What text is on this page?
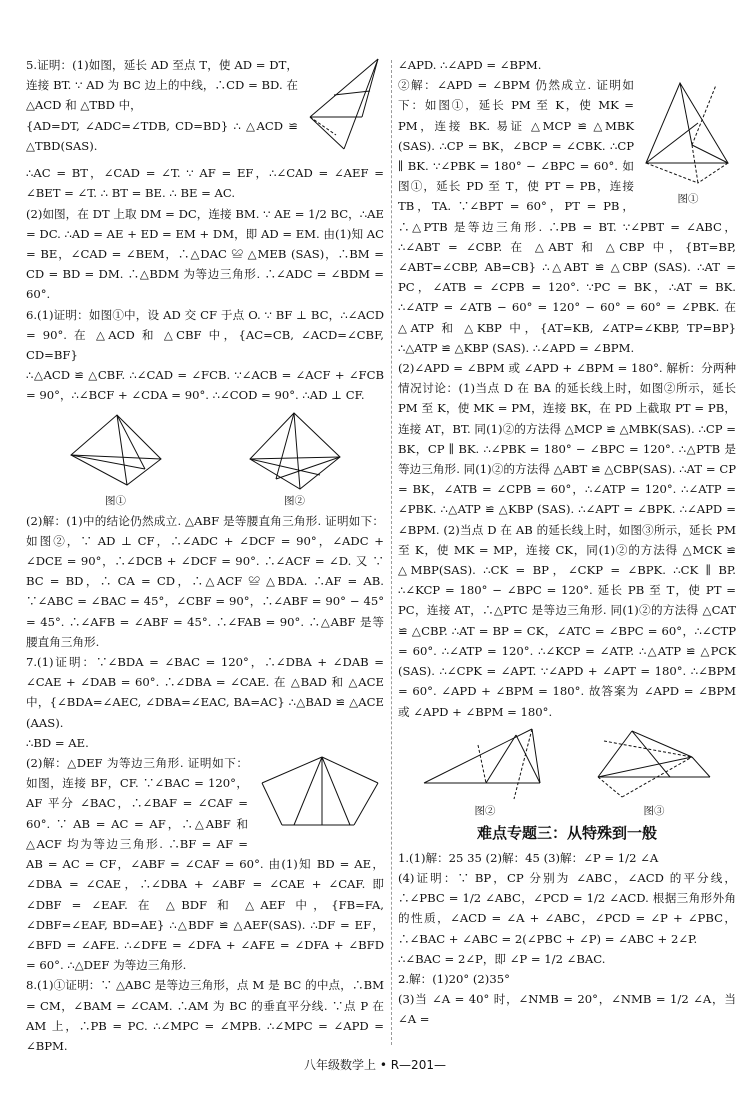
5.证明：(1)如图，延长 AD 至点 T，使 AD = DT，连接 BT. ∵ AD 为 BC 边上的中线，∴CD = BD. 在 △ACD 和 △TBD 中，

{AD=DT, ∠ADC=∠TDB, CD=BD} ∴ △ACD ≌ △TBD(SAS).

∴AC = BT，∠CAD = ∠T. ∵ AF = EF，∴∠CAD = ∠AEF = ∠BET = ∠T. ∴ BT = BE. ∴ BE = AC.

(2)如图，在 DT 上取 DM = DC，连接 BM. ∵ AE = 1/2 BC，∴AE = DC. ∴AD = AE + ED = EM + DM，即 AD = EM. 由(1)知 AC = BE，∠CAD = ∠BEM，∴△DAC ≌ △MEB (SAS)，∴BM = CD = BD = DM. ∴△BDM 为等边三角形. ∴∠ADC = ∠BDM = 60°.

6.(1)证明：如图①中，设 AD 交 CF 于点 O. ∵ BF ⊥ BC，∴∠ACD = 90°. 在 △ACD 和 △CBF 中，{AC=CB, ∠ACD=∠CBF, CD=BF}

∴△ACD ≌ △CBF. ∴∠CAD = ∠FCB. ∵∠ACB = ∠ACF + ∠FCB = 90°，∴∠BCF + ∠CDA = 90°. ∴∠COD = 90°. ∴AD ⊥ CF.

图①	图②

(2)解：(1)中的结论仍然成立. △ABF 是等腰直角三角形. 证明如下：如图②，∵ AD ⊥ CF，∴∠ADC + ∠DCF = 90°，∠ADC + ∠DCE = 90°，∴∠DCB + ∠DCF = 90°. ∴∠ACF = ∠D. 又 ∵ BC = BD，∴ CA = CD，∴△ACF ≌ △BDA. ∴AF = AB. ∵∠ABC = ∠BAC = 45°，∠CBF = 90°，∴∠ABF = 90° − 45° = 45°. ∴∠AFB = ∠ABF = 45°. ∴∠FAB = 90°. ∴△ABF 是等腰直角三角形.

7.(1)证明：∵∠BDA = ∠BAC = 120°，∴∠DBA + ∠DAB = ∠CAE + ∠DAB = 60°. ∴∠DBA = ∠CAE. 在 △BAD 和 △ACE 中，{∠BDA=∠AEC, ∠DBA=∠EAC, BA=AC} ∴△BAD ≌ △ACE (AAS).

∴BD = AE.

(2)解：△DEF 为等边三角形. 证明如下：如图，连接 BF，CF. ∵∠BAC = 120°，AF 平分 ∠BAC，∴∠BAF = ∠CAF = 60°. ∵ AB = AC = AF，∴△ABF 和 △ACF 均为等边三角形. ∴BF = AF = AB = AC = CF，∠ABF = ∠CAF = 60°. 由(1)知 BD = AE，∠DBA = ∠CAE，∴∠DBA + ∠ABF = ∠CAE + ∠CAF. 即 ∠DBF = ∠EAF. 在 △BDF 和 △AEF 中，{FB=FA, ∠DBF=∠EAF, BD=AE} ∴△BDF ≌ △AEF(SAS). ∴DF = EF，∠BFD = ∠AFE. ∴∠DFE = ∠DFA + ∠AFE = ∠DFA + ∠BFD = 60°. ∴△DEF 为等边三角形.

8.(1)①证明：∵ △ABC 是等边三角形，点 M 是 BC 的中点，∴BM = CM，∠BAM = ∠CAM. ∴AM 为 BC 的垂直平分线. ∵点 P 在 AM 上，∴PB = PC. ∴∠MPC = ∠MPB. ∴∠MPC = ∠APD = ∠BPM.

∠APD. ∴∠APD = ∠BPM.

图①

②解：∠APD = ∠BPM 仍然成立. 证明如下：如图①，延长 PM 至 K，使 MK = PM，连接 BK. 易证 △MCP ≌ △MBK (SAS). ∴CP = BK，∠BCP = ∠CBK. ∴CP ∥ BK. ∵∠PBK = 180° − ∠BPC = 60°. 如图①，延长 PD 至 T，使 PT = PB，连接 TB，TA. ∵∠BPT = 60°，PT = PB，∴△PTB 是等边三角形. ∴PB = BT. ∵∠PBT = ∠ABC，∴∠ABT = ∠CBP. 在 △ABT 和 △CBP 中，{BT=BP, ∠ABT=∠CBP, AB=CB} ∴△ABT ≌ △CBP (SAS). ∴AT = PC，∠ATB = ∠CPB = 120°. ∵PC = BK，∴AT = BK. ∴∠ATP = ∠ATB − 60° = 120° − 60° = 60° = ∠PBK. 在 △ATP 和 △KBP 中，{AT=KB, ∠ATP=∠KBP, TP=BP} ∴△ATP ≌ △KBP (SAS). ∴∠APD = ∠BPM.

(2)∠APD = ∠BPM 或 ∠APD + ∠BPM = 180°. 解析：分两种情况讨论：(1)当点 D 在 BA 的延长线上时，如图②所示，延长 PM 至 K，使 MK = PM，连接 BK，在 PD 上截取 PT = PB，连接 AT，BT. 同(1)②的方法得 △MCP ≌ △MBK(SAS). ∴CP = BK，CP ∥ BK. ∴∠PBK = 180° − ∠BPC = 120°. ∴△PTB 是等边三角形. 同(1)②的方法得 △ABT ≌ △CBP(SAS). ∴AT = CP = BK，∠ATB = ∠CPB = 60°，∴∠ATP = 120°. ∴∠ATP = ∠PBK. ∴△ATP ≌ △KBP (SAS). ∴∠APT = ∠BPK. ∴∠APD = ∠BPM. (2)当点 D 在 AB 的延长线上时，如图③所示，延长 PM 至 K，使 MK = MP，连接 CK，同(1)②的方法得 △MCK ≌ △MBP(SAS). ∴CK = BP，∠CKP = ∠BPK. ∴CK ∥ BP. ∴∠KCP = 180° − ∠BPC = 120°. 延长 PB 至 T，使 PT = PC，连接 AT，∴△PTC 是等边三角形. 同(1)②的方法得 △CAT ≌ △CBP. ∴AT = BP = CK，∠ATC = ∠BPC = 60°，∴∠CTP = 60°. ∴∠ATP = 120°. ∴∠KCP = ∠ATP. ∴△ATP ≌ △PCK (SAS). ∴∠CPK = ∠APT. ∵∠APD + ∠APT = 180°. ∴∠BPM = 60°. ∠APD + ∠BPM = 180°. 故答案为 ∠APD = ∠BPM 或 ∠APD + ∠BPM = 180°.

图②	图③
难点专题三：从特殊到一般

1.(1)解：25 35 (2)解：45 (3)解：∠P = 1/2 ∠A

(4)证明：∵ BP，CP 分别为 ∠ABC，∠ACD 的平分线，∴∠PBC = 1/2 ∠ABC，∠PCD = 1/2 ∠ACD. 根据三角形外角的性质，∠ACD = ∠A + ∠ABC，∠PCD = ∠P + ∠PBC，∴∠BAC + ∠ABC = 2(∠PBC + ∠P) = ∠ABC + 2∠P.

∴∠BAC = 2∠P，即 ∠P = 1/2 ∠BAC.

2.解：(1)20° (2)35°

(3)当 ∠A = 40° 时，∠NMB = 20°，∠NMB = 1/2 ∠A，当 ∠A =

八年级数学上 • R—201—
